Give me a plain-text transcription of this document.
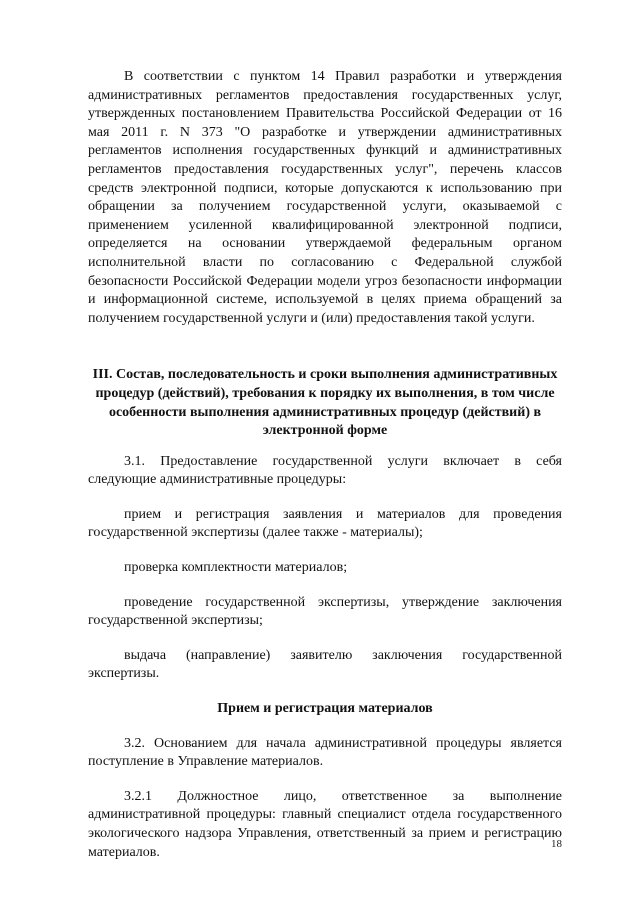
В соответствии с пунктом 14 Правил разработки и утверждения административных регламентов предоставления государственных услуг, утвержденных постановлением Правительства Российской Федерации от 16 мая 2011 г. N 373 "О разработке и утверждении административных регламентов исполнения государственных функций и административных регламентов предоставления государственных услуг", перечень классов средств электронной подписи, которые допускаются к использованию при обращении за получением государственной услуги, оказываемой с применением усиленной квалифицированной электронной подписи, определяется на основании утверждаемой федеральным органом исполнительной власти по согласованию с Федеральной службой безопасности Российской Федерации модели угроз безопасности информации и информационной системе, используемой в целях приема обращений за получением государственной услуги и (или) предоставления такой услуги.

III. Состав, последовательность и сроки выполнения административных процедур (действий), требования к порядку их выполнения, в том числе особенности выполнения административных процедур (действий) в электронной форме

3.1. Предоставление государственной услуги включает в себя следующие административные процедуры:

прием и регистрация заявления и материалов для проведения государственной экспертизы (далее также - материалы);

проверка комплектности материалов;

проведение государственной экспертизы, утверждение заключения государственной экспертизы;

выдача (направление) заявителю заключения государственной экспертизы.

Прием и регистрация материалов

3.2. Основанием для начала административной процедуры является поступление в Управление материалов.

3.2.1 Должностное лицо, ответственное за выполнение административной процедуры: главный специалист отдела государственного экологического надзора Управления, ответственный за прием и регистрацию материалов.

18
